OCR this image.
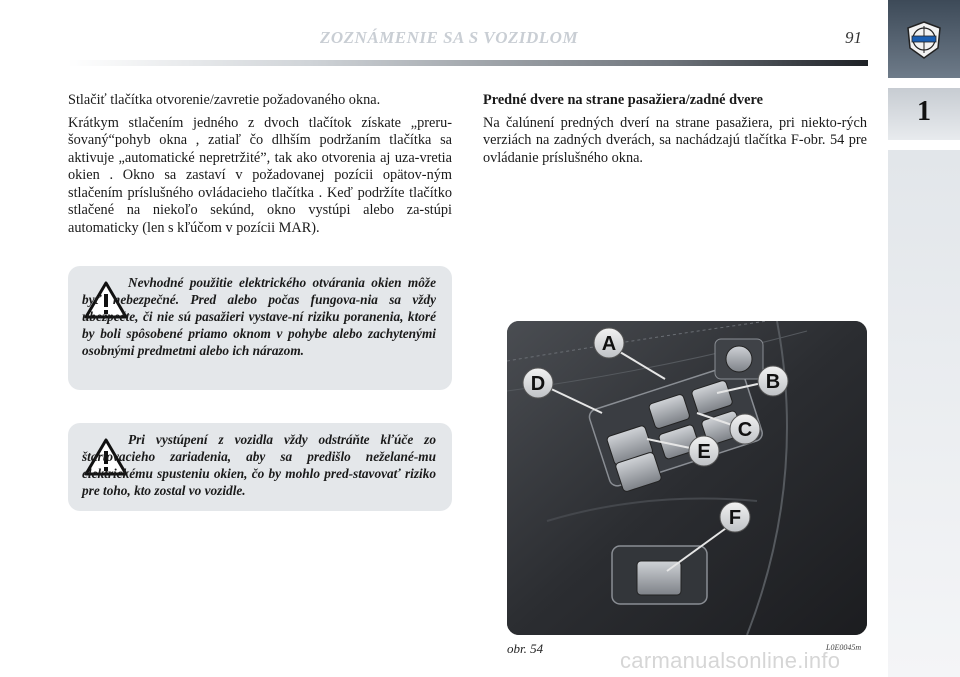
1
ZOZNÁMENIE SA S VOZIDLOM	91

Stlačiť tlačítka otvorenie/zavretie požadovaného okna.

Krátkym stlačením jedného z dvoch tlačítok získate „preru-šovaný“pohyb okna , zatiaľ čo dlhším podržaním tlačítka sa aktivuje „automatické nepretržité”, tak ako otvorenia aj uza-vretia okien . Okno sa zastaví v požadovanej pozícii opätov-ným stlačením príslušného ovládacieho tlačítka . Keď podržíte tlačítko stlačené na niekoľo sekúnd, okno vystúpi alebo za-stúpi automaticky (len s kľúčom v pozícii MAR).

Nevhodné použitie elektrického otvárania okien môže byť nebezpečné. Pred alebo počas fungova-nia sa vždy ubezpečte, či nie sú pasažieri vystave-ní riziku poranenia, ktoré by boli spôsobené priamo oknom v pohybe alebo zachytenými osobnými predmetmi alebo ich nárazom.

Pri vystúpení z vozidla vždy odstráňte kľúče zo štartovacieho zariadenia, aby sa predišlo neželané-mu elektrickému spusteniu okien, čo by mohlo pred-stavovať riziko pre toho, kto zostal vo vozidle.

Predné dvere na strane pasažiera/zadné dvere

Na čalúnení predných dverí na strane pasažiera, pri niekto-rých verziách na zadných dverách, sa nachádzajú tlačítka F-obr. 54 pre ovládanie príslušného okna.

A
B
C
D
E
F
obr. 54	L0E0045m
carmanualsonline.info
